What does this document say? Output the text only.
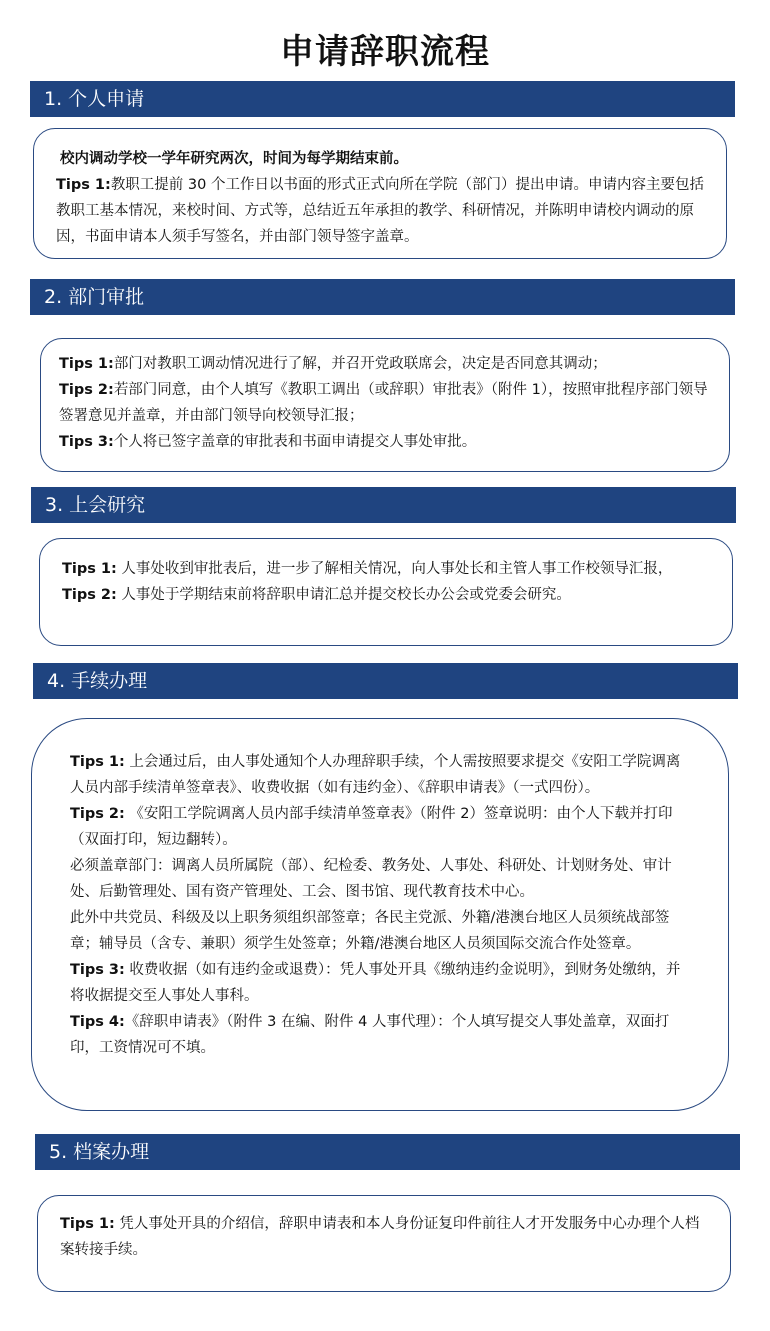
申请辞职流程
1. 个人申请

校内调动学校一学年研究两次，时间为每学期结束前。

Tips 1:教职工提前 30 个工作日以书面的形式正式向所在学院（部门）提出申请。申请内容主要包括教职工基本情况，来校时间、方式等，总结近五年承担的教学、科研情况，并陈明申请校内调动的原因，书面申请本人须手写签名，并由部门领导签字盖章。

2. 部门审批

Tips 1:部门对教职工调动情况进行了解，并召开党政联席会，决定是否同意其调动；

Tips 2:若部门同意，由个人填写《教职工调出（或辞职）审批表》（附件 1），按照审批程序部门领导签署意见并盖章，并由部门领导向校领导汇报；

Tips 3:个人将已签字盖章的审批表和书面申请提交人事处审批。

3. 上会研究

Tips 1: 人事处收到审批表后，进一步了解相关情况，向人事处长和主管人事工作校领导汇报，

Tips 2: 人事处于学期结束前将辞职申请汇总并提交校长办公会或党委会研究。

4. 手续办理

Tips 1: 上会通过后，由人事处通知个人办理辞职手续，个人需按照要求提交《安阳工学院调离人员内部手续清单签章表》、收费收据（如有违约金）、《辞职申请表》（一式四份）。

Tips 2: 《安阳工学院调离人员内部手续清单签章表》（附件 2）签章说明：由个人下载并打印（双面打印，短边翻转）。

必须盖章部门：调离人员所属院（部）、纪检委、教务处、人事处、科研处、计划财务处、审计处、后勤管理处、国有资产管理处、工会、图书馆、现代教育技术中心。

此外中共党员、科级及以上职务须组织部签章；各民主党派、外籍/港澳台地区人员须统战部签章；辅导员（含专、兼职）须学生处签章；外籍/港澳台地区人员须国际交流合作处签章。

Tips 3: 收费收据（如有违约金或退费）：凭人事处开具《缴纳违约金说明》，到财务处缴纳，并将收据提交至人事处人事科。

Tips 4:《辞职申请表》（附件 3 在编、附件 4 人事代理）：个人填写提交人事处盖章，双面打印，工资情况可不填。

5. 档案办理

Tips 1: 凭人事处开具的介绍信，辞职申请表和本人身份证复印件前往人才开发服务中心办理个人档案转接手续。
